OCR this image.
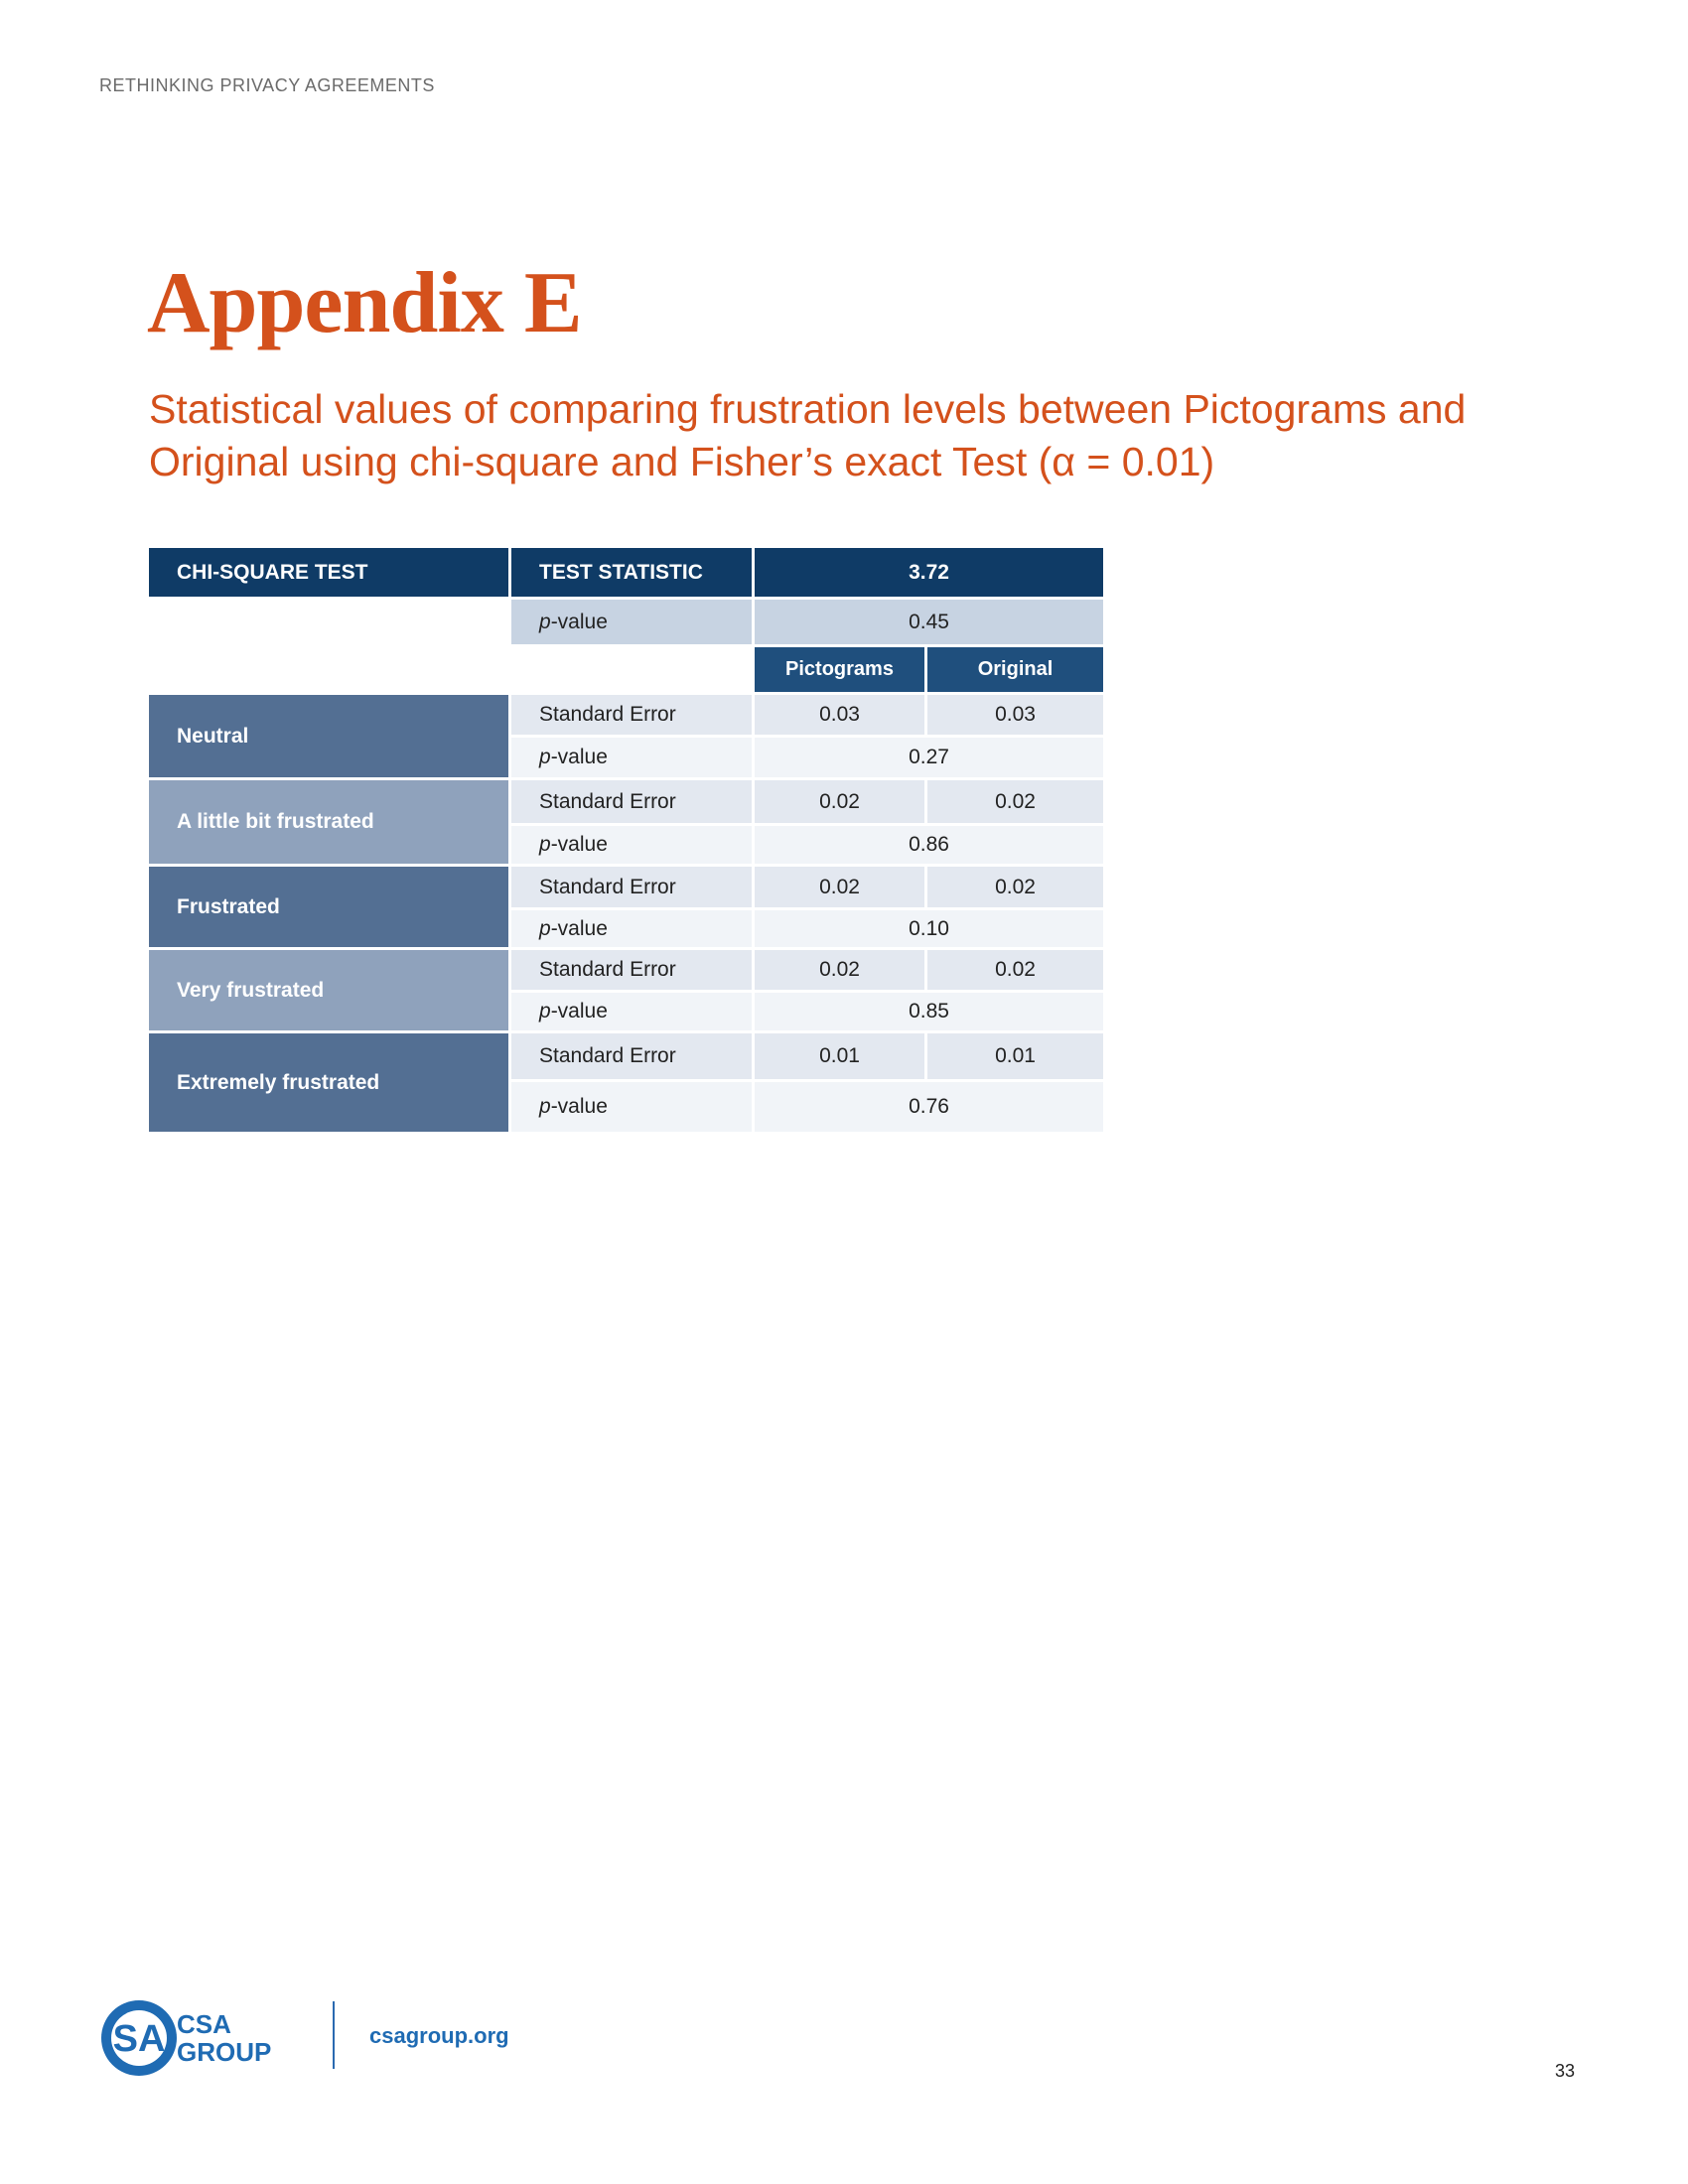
RETHINKING PRIVACY AGREEMENTS
Appendix E
Statistical values of comparing frustration levels between Pictograms and Original using chi-square and Fisher’s exact Test (α = 0.01)
CHI-SQUARE TEST	TEST STATISTIC	3.72
p -value	0.45
Pictograms	Original
Neutral
Standard Error	0.03	0.03
p -value	0.27
A little bit frustrated
Standard Error	0.02	0.02
p -value	0.86
Frustrated
Standard Error	0.02	0.02
p -value	0.10
Very frustrated
Standard Error	0.02	0.02
p -value	0.85
Extremely frustrated
Standard Error	0.01	0.01
p -value	0.76
SA CSA
GROUP
csagroup.org
33
